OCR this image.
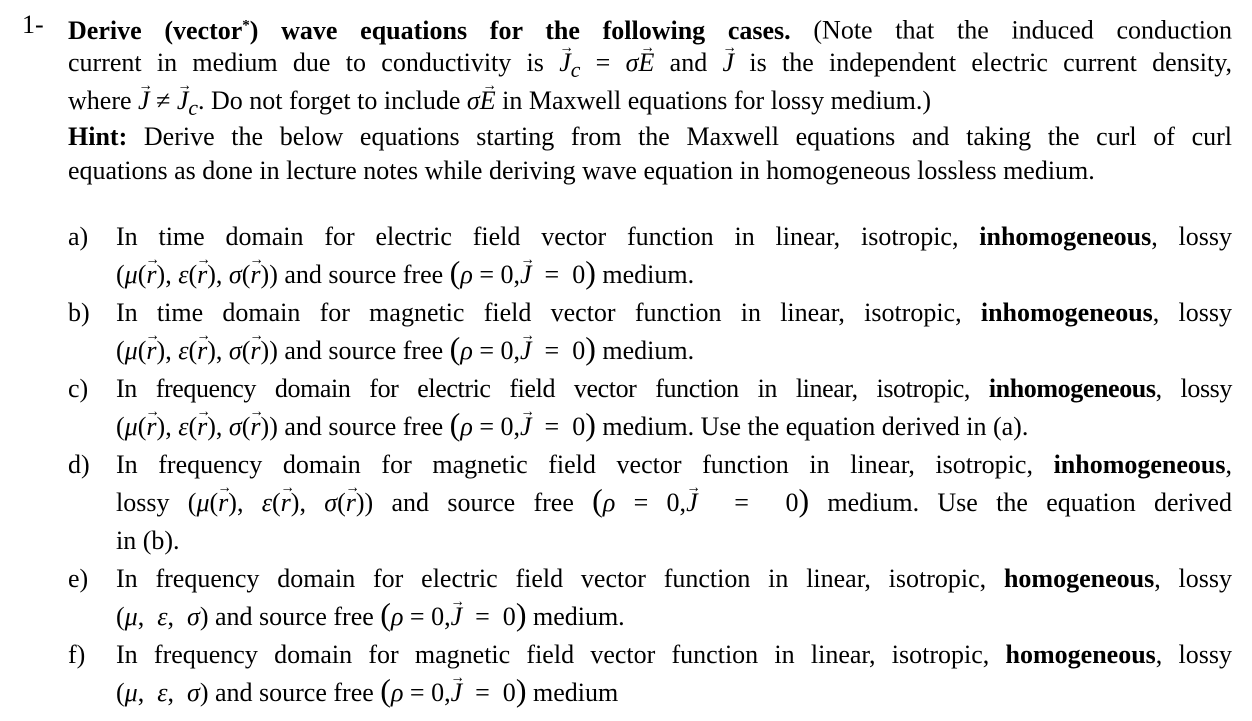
1- Derive (vector*) wave equations for the following cases. (Note that the induced conduction
current in medium due to conductivity is → $J_c = \sigma\to E$ and → J is the independent electric current density,
where → J ≠ → $J_c$. Do not forget to include σ→ E in Maxwell equations for lossy medium.)
Hint: Derive the below equations starting from the Maxwell equations and taking the curl of curl
equations as done in lecture notes while deriving wave equation in homogeneous lossless medium.
a) In time domain for electric field vector function in linear, isotropic, inhomogeneous, lossy
(μ(→ r), ε(→ r), σ(→ r)) and source free (ρ = 0,→ J  =  0) medium.
b) In time domain for magnetic field vector function in linear, isotropic, inhomogeneous, lossy
(μ(→ r), ε(→ r), σ(→ r)) and source free (ρ = 0,→ J  =  0) medium.
c) In frequency domain for electric field vector function in linear, isotropic, inhomogeneous, lossy
(μ(→ r), ε(→ r), σ(→ r)) and source free (ρ = 0,→ J  =  0) medium. Use the equation derived in (a).
d) In frequency domain for magnetic field vector function in linear, isotropic, inhomogeneous,
lossy (μ(→ r), ε(→ r), σ(→ r)) and source free (ρ = 0,→ J  =  0) medium. Use the equation derived
in (b).
e) In frequency domain for electric field vector function in linear, isotropic, homogeneous, lossy
(μ,  ε,  σ) and source free (ρ = 0,→ J  =  0) medium.
f) In frequency domain for magnetic field vector function in linear, isotropic, homogeneous, lossy
(μ,  ε,  σ) and source free (ρ = 0,→ J  =  0) medium
